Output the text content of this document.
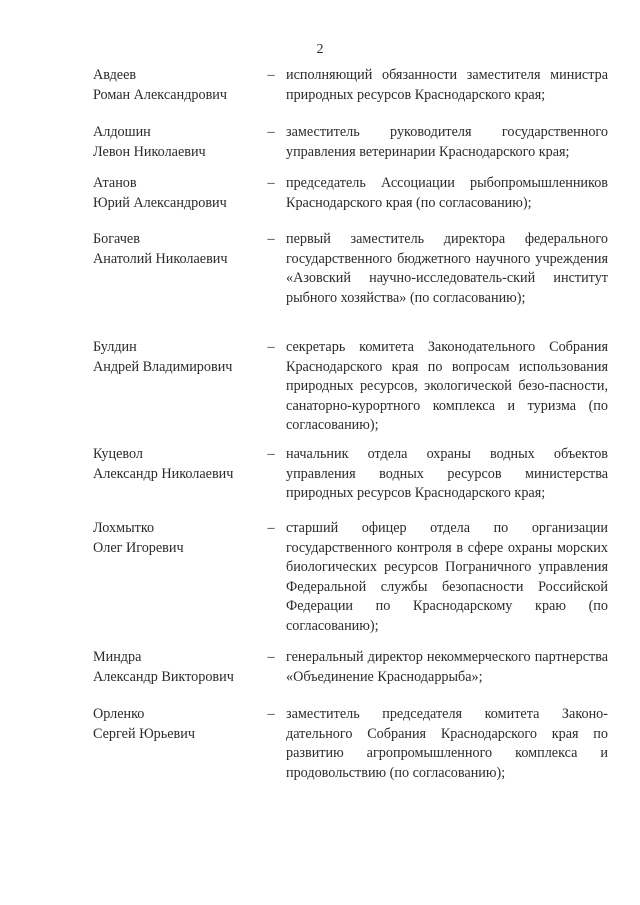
2
Авдеев
Роман Александрович
– исполняющий обязанности заместителя министра природных ресурсов Краснодарского края;
Алдошин
Левон Николаевич
– заместитель руководителя государственного управления ветеринарии Краснодарского края;
Атанов
Юрий Александрович
– председатель Ассоциации рыбопромышленников Краснодарского края (по согласованию);
Богачев
Анатолий Николаевич
– первый заместитель директора федерального государственного бюджетного научного учреждения «Азовский научно-исследователь-ский институт рыбного хозяйства» (по согласованию);
Булдин
Андрей Владимирович
– секретарь комитета Законодательного Собрания Краснодарского края по вопросам использования природных ресурсов, экологической безо-пасности, санаторно-курортного комплекса и туризма (по согласованию);
Куцевол
Александр Николаевич
– начальник отдела охраны водных объектов управления водных ресурсов министерства природных ресурсов Краснодарского края;
Лохмытко
Олег Игоревич
– старший офицер отдела по организации государственного контроля в сфере охраны морских биологических ресурсов Пограничного управления Федеральной службы безопасности Российской Федерации по Краснодарскому краю (по согласованию);
Миндра
Александр Викторович
– генеральный директор некоммерческого партнерства «Объединение Краснодаррыба»;
Орленко
Сергей Юрьевич
– заместитель председателя комитета Законо-дательного Собрания Краснодарского края по развитию агропромышленного комплекса и продовольствию (по согласованию);
